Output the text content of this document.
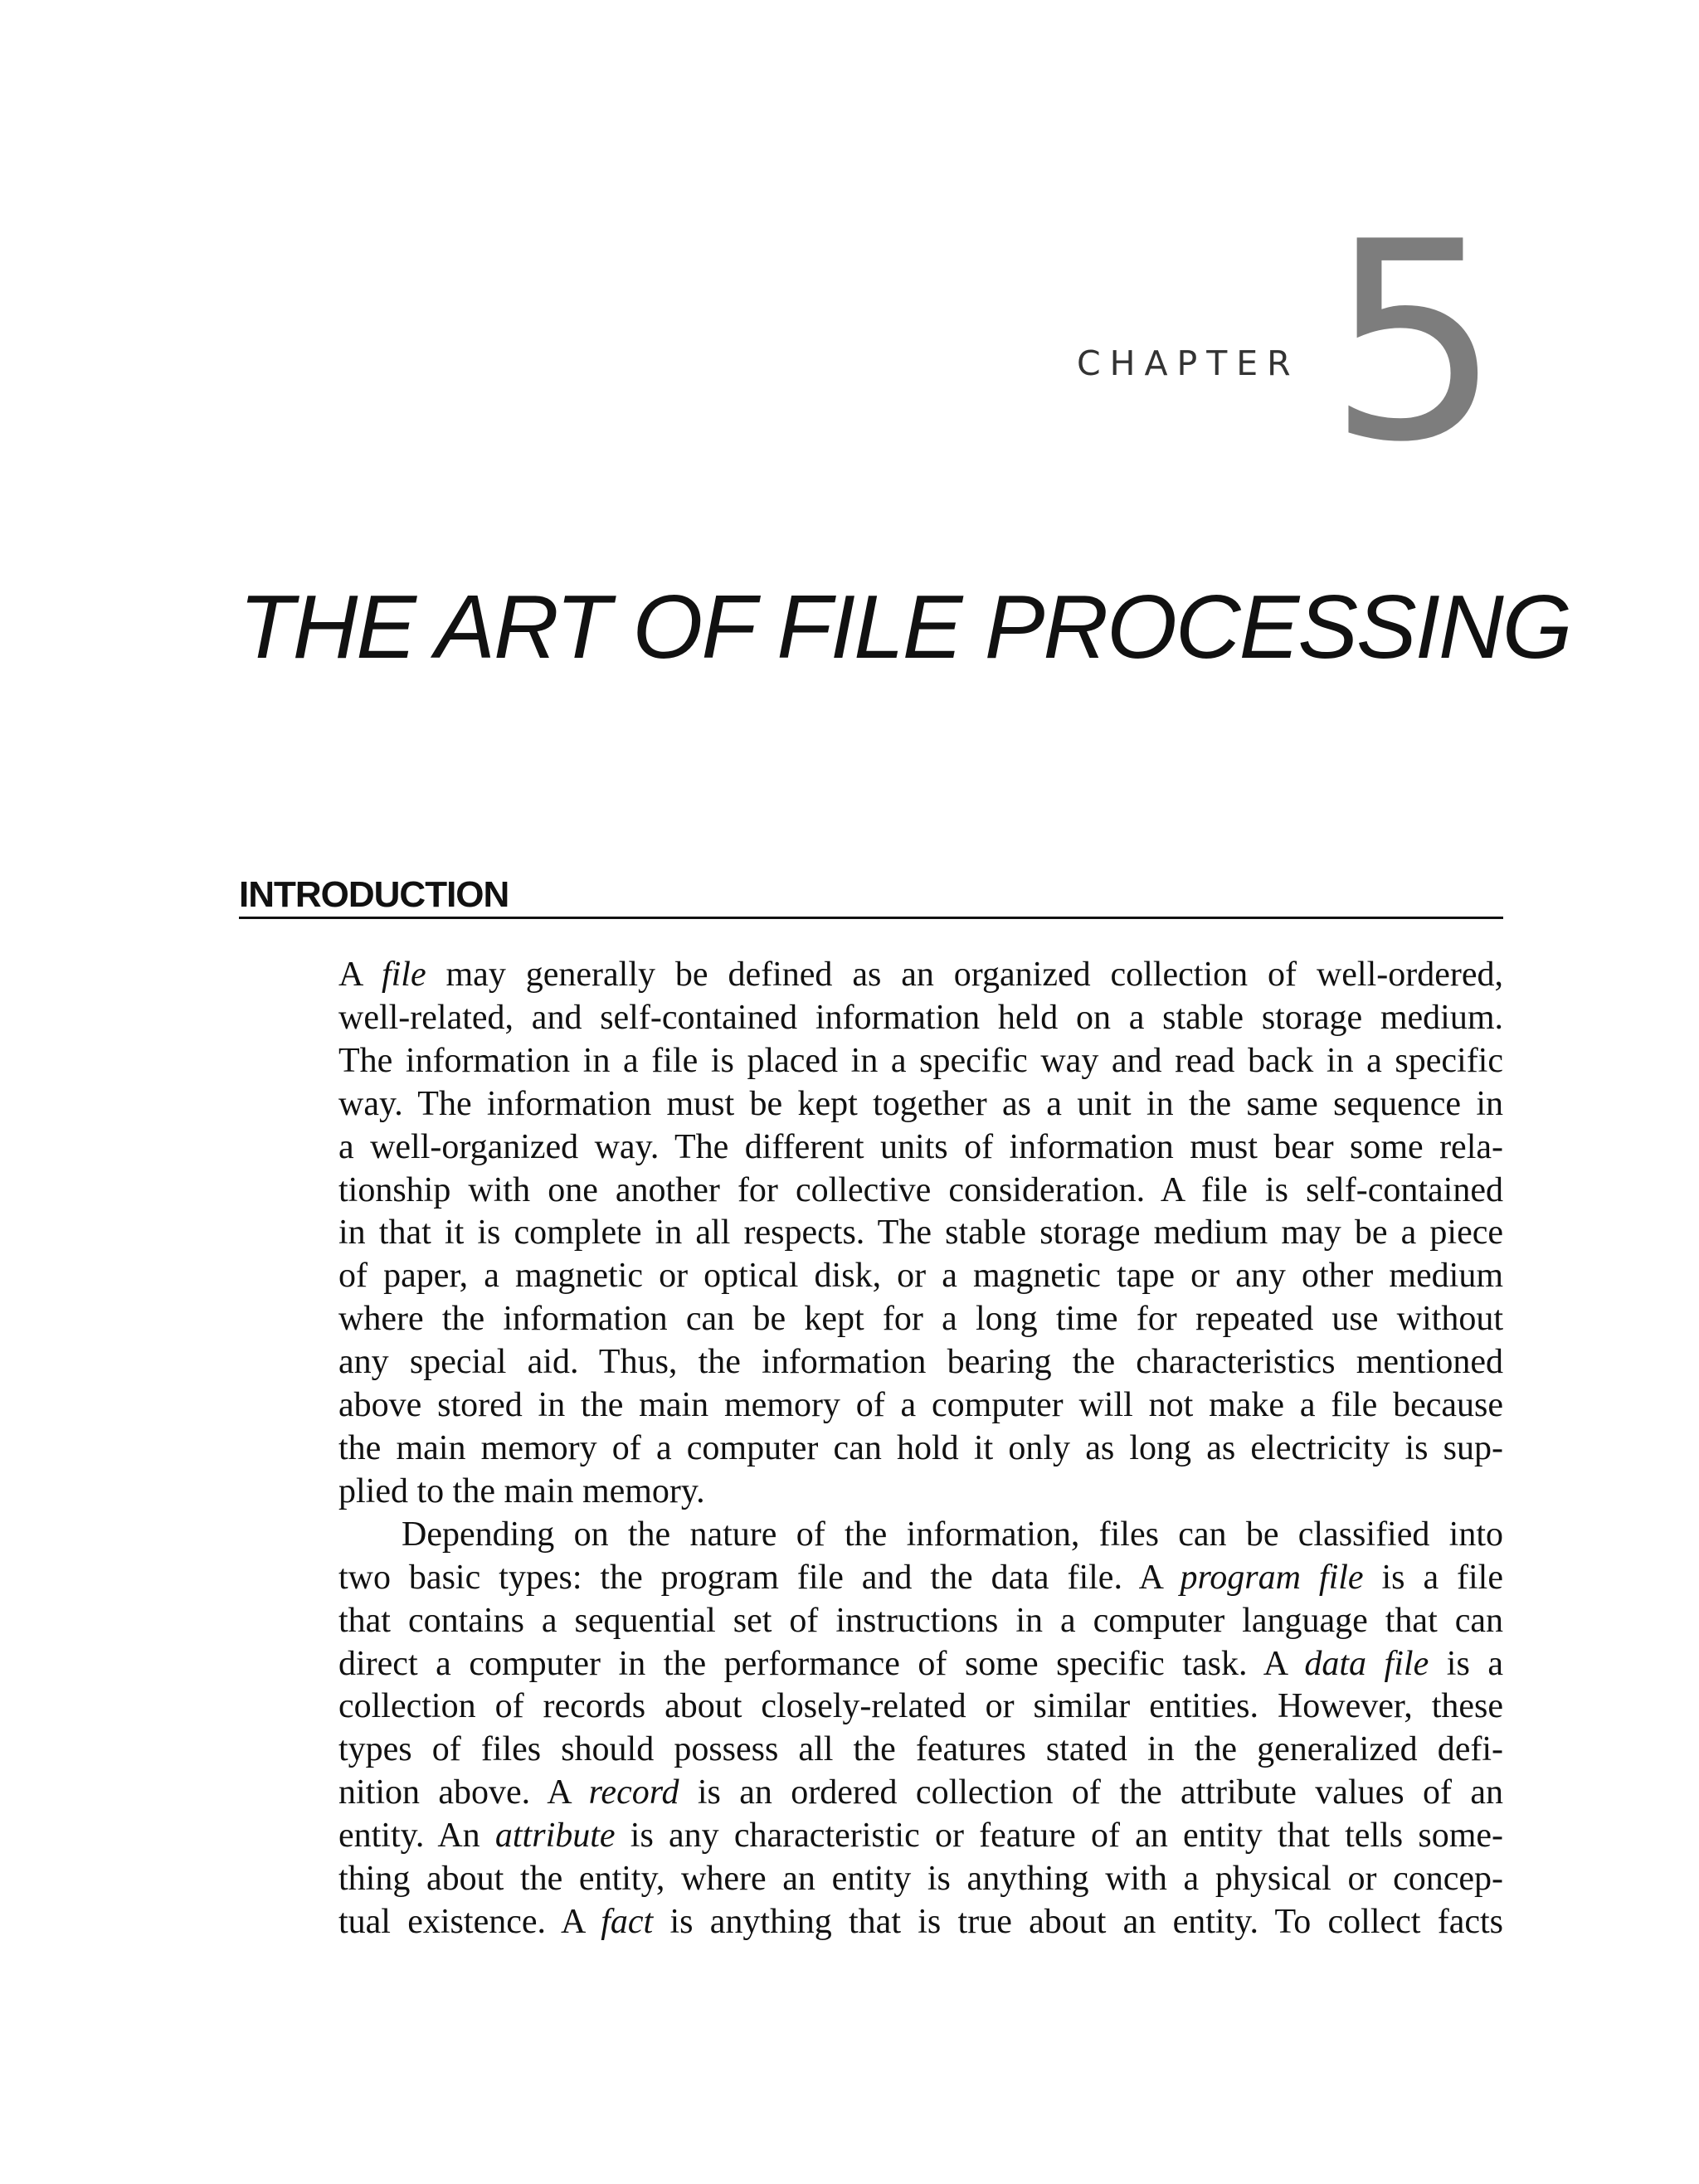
CHAPTER 5
THE ART OF FILE PROCESSING
INTRODUCTION
A file may generally be defined as an organized collection of well-ordered,
well-related, and self-contained information held on a stable storage medium.
The information in a file is placed in a specific way and read back in a specific
way. The information must be kept together as a unit in the same sequence in
a well-organized way. The different units of information must bear some rela-
tionship with one another for collective consideration. A file is self-contained
in that it is complete in all respects. The stable storage medium may be a piece
of paper, a magnetic or optical disk, or a magnetic tape or any other medium
where the information can be kept for a long time for repeated use without
any special aid. Thus, the information bearing the characteristics mentioned
above stored in the main memory of a computer will not make a file because
the main memory of a computer can hold it only as long as electricity is sup-
plied to the main memory.
Depending on the nature of the information, files can be classified into
two basic types: the program file and the data file. A program file is a file
that contains a sequential set of instructions in a computer language that can
direct a computer in the performance of some specific task. A data file is a
collection of records about closely-related or similar entities. However, these
types of files should possess all the features stated in the generalized defi-
nition above. A record is an ordered collection of the attribute values of an
entity. An attribute is any characteristic or feature of an entity that tells some-
thing about the entity, where an entity is anything with a physical or concep-
tual existence. A fact is anything that is true about an entity. To collect facts
